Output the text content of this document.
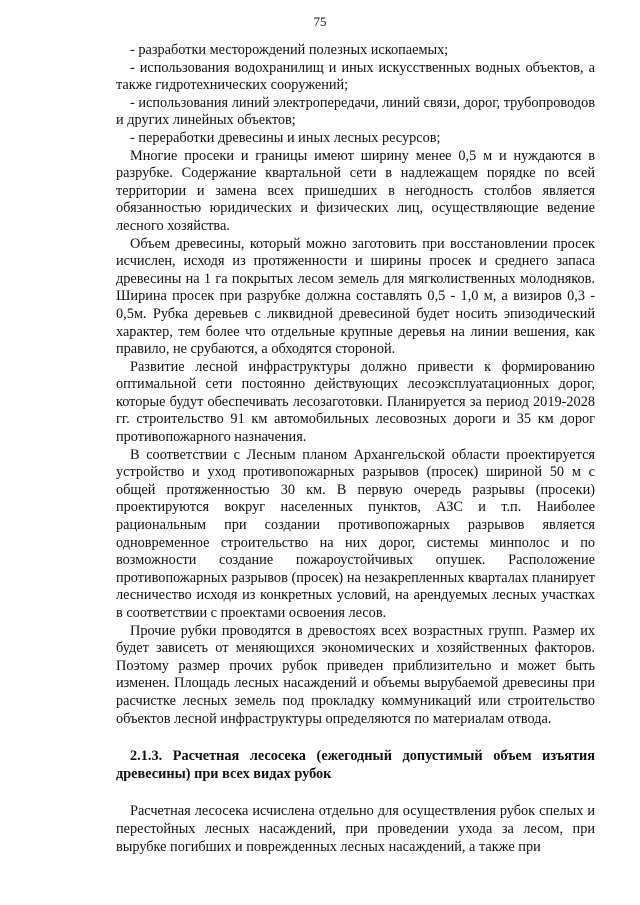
75

- разработки месторождений полезных ископаемых;

- использования водохранилищ и иных искусственных водных объектов, а также гидротехнических сооружений;

- использования линий электропередачи, линий связи, дорог, трубопроводов и других линейных объектов;

- переработки древесины и иных лесных ресурсов;

Многие просеки и границы имеют ширину менее 0,5 м и нуждаются в разрубке. Содержание квартальной сети в надлежащем порядке по всей территории и замена всех пришедших в негодность столбов является обязанностью юридических и физических лиц, осуществляющие ведение лесного хозяйства.

Объем древесины, который можно заготовить при восстановлении просек исчислен, исходя из протяженности и ширины просек и среднего запаса древесины на 1 га покрытых лесом земель для мягколиственных молодняков. Ширина просек при разрубке должна составлять 0,5 - 1,0 м, а визиров 0,3 - 0,5м. Рубка деревьев с ликвидной древесиной будет носить эпизодический характер, тем более что отдельные крупные деревья на линии вешения, как правило, не срубаются, а обходятся стороной.

Развитие лесной инфраструктуры должно привести к формированию оптимальной сети постоянно действующих лесоэксплуатационных дорог, которые будут обеспечивать лесозаготовки. Планируется за период 2019-2028 гг. строительство 91 км автомобильных лесовозных дороги и 35 км дорог противопожарного назначения.

В соответствии с Лесным планом Архангельской области проектируется устройство и уход противопожарных разрывов (просек) шириной 50 м с общей протяженностью 30 км. В первую очередь разрывы (просеки) проектируются вокруг населенных пунктов, АЗС и т.п. Наиболее рациональным при создании противопожарных разрывов является одновременное строительство на них дорог, системы минполос и по возможности создание пожароустойчивых опушек. Расположение противопожарных разрывов (просек) на незакрепленных кварталах планирует лесничество исходя из конкретных условий, на арендуемых лесных участках в соответствии с проектами освоения лесов.

Прочие рубки проводятся в древостоях всех возрастных групп. Размер их будет зависеть от меняющихся экономических и хозяйственных факторов. Поэтому размер прочих рубок приведен приблизительно и может быть изменен. Площадь лесных насаждений и объемы вырубаемой древесины при расчистке лесных земель под прокладку коммуникаций или строительство объектов лесной инфраструктуры определяются по материалам отвода.

2.1.3. Расчетная лесосека (ежегодный допустимый объем изъятия древесины) при всех видах рубок

Расчетная лесосека исчислена отдельно для осуществления рубок спелых и перестойных лесных насаждений, при проведении ухода за лесом, при вырубке погибших и поврежденных лесных насаждений, а также при
